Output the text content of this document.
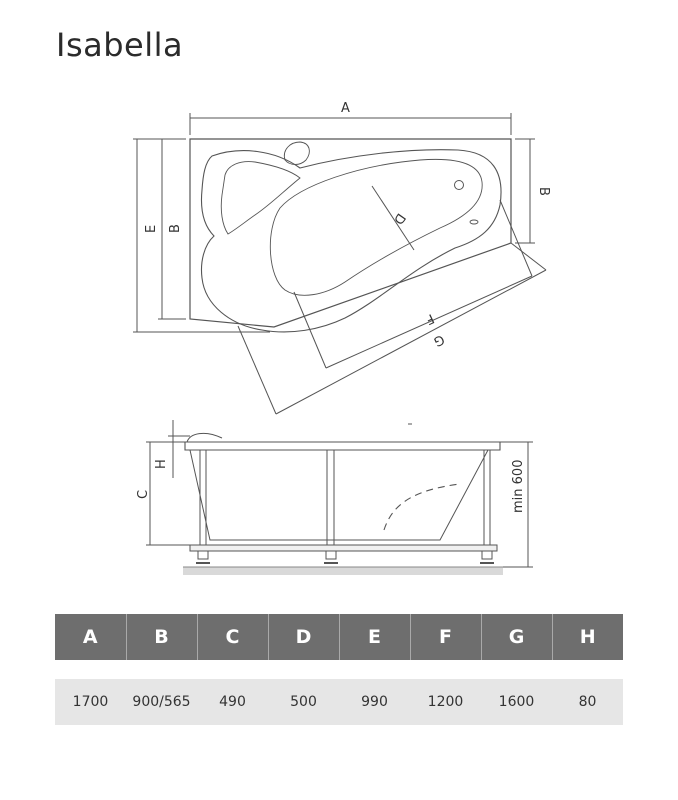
Isabella
A
B
E B
D
F
G
C
H	min 600
A	B	C	D	E	F	G	H

1700	900/565	490	500	990	1200	1600	80
